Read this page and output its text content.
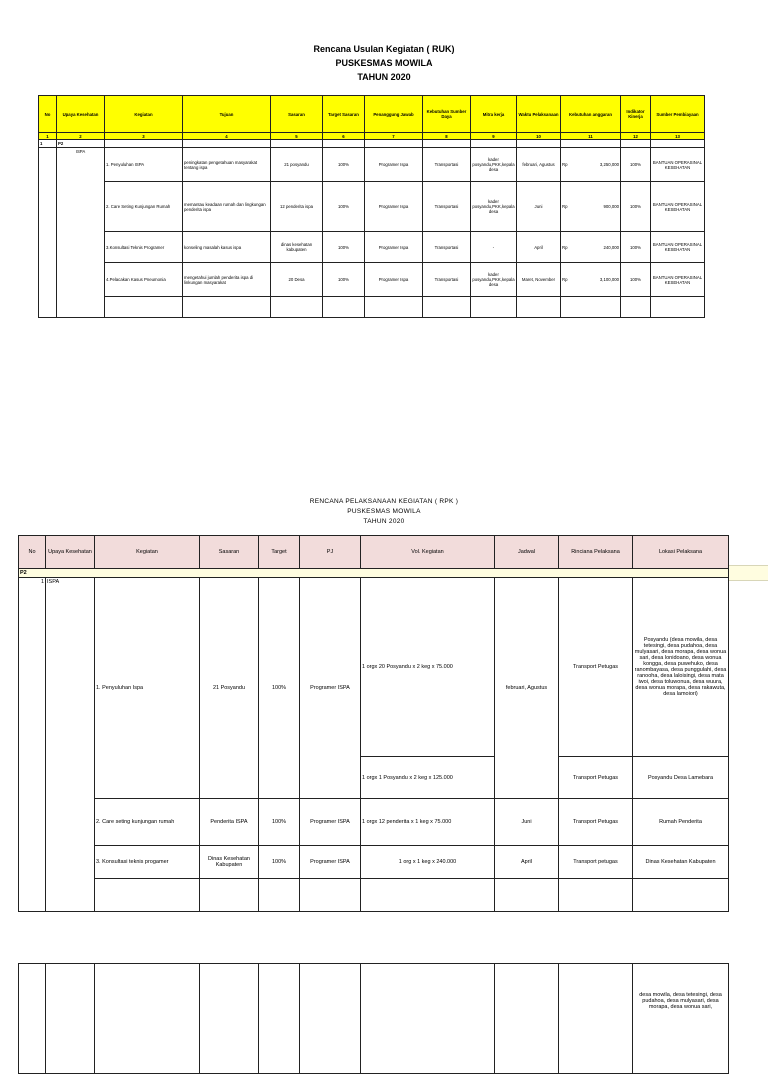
Rencana Usulan Kegiatan ( RUK)
PUSKESMAS MOWILA
TAHUN 2020
No	Upaya Kesehatan	Kegiatan	Tujuan	Sasaran	Target Sasaran	Penanggung Jawab	Kebutuhan Sumber Daya	Mitra kerja	Waktu Pelaksanaan	Kebutuhan anggaran	Indikator Kinerja	Sumber Pembiayaan
1	2	3	4	5	6	7	8	9	10	11	12	13
1	P2											
	ISPA	1. Penyuluhan ISPA	peningkatan pengetahuan masyarakat tentang ispa	21 posyandu	100%	Programer Ispa	Transportasi	kader posyandu,PKK,kepala desa	februari, Agustus	Rp 3,250,000	100%	BANTUAN OPERASINAL KESEHATAN
		2. Care Seting Kunjungan Rumah	memantau keadaan rumah dan lingkungan penderita ispa	12 penderita ispa	100%	Programer Ispa	Transportasi	kader posyandu,PKK,kepala desa	Juni	Rp 900,000	100%	BANTUAN OPERASINAL KESEHATAN
		3.Konsultasi Teknis Programer	konseling masalah kasus ispa	dinas kesehatan kabupaten	100%	Programer Ispa	Transportasi	-	April	Rp 240,000	100%	BANTUAN OPERASINAL KESEHATAN
		4.Pelacakan Kasus Pneumonia	mengetahui jumlah penderita ispa di linkungan masyarakat	20 Desa	100%	Programer Ispa	Transportasi	kader posyandu,PKK,kepala desa	Maret, November	Rp 3,100,000	100%	BANTUAN OPERASINAL KESEHATAN

RENCANA PELAKSANAAN KEGIATAN ( RPK )
PUSKESMAS MOWILA
TAHUN 2020
No	Upaya Kesehatan	Kegiatan	Sasaran	Target	PJ	Vol. Kegiatan	Jadwal	Rinciana Pelaksana	Lokasi Pelaksana
P2									
1	ISPA	1. Penyuluhan Ispa	21 Posyandu	100%	Programer ISPA	1 orgx 20 Posyandu x 2 keg x 75.000	februari, Agustus	Transport Petugas	Posyandu (desa mowila, desa tetesingi, desa pudahoa, desa mulyasari, desa morapa, desa wonua sari, desa lonidoano, desa wonua kongga, desa puwehuko, desa ranombayasa, desa punggulahi, desa ranooha, desa laloisingi, desa mata iwoi, desa toluwonua, desa wuura, desa wonua morapa, desa rakawuta, desa lamoiori)
						1 orgx 1 Posyandu x 2 keg x 125.000		Transport Petugas	Posyandu Desa Lamebara
		2. Care seting kunjungan rumah	Penderita ISPA	100%	Programer ISPA	1 orgx 12 penderita x 1 keg x 75.000	Juni	Transport Petugas	Rumah Penderita
		3. Konsultasi teknis progamer	Dinas Kesehatan Kabupaten	100%	Programer ISPA	1 org x 1 keg x 240.000	April	Transport petugas	Dinas Kesehatan Kabupaten

									desa mowila, desa tetesingi, desa pudahoa, desa mulyasari, desa morapa, desa wonua sari,
